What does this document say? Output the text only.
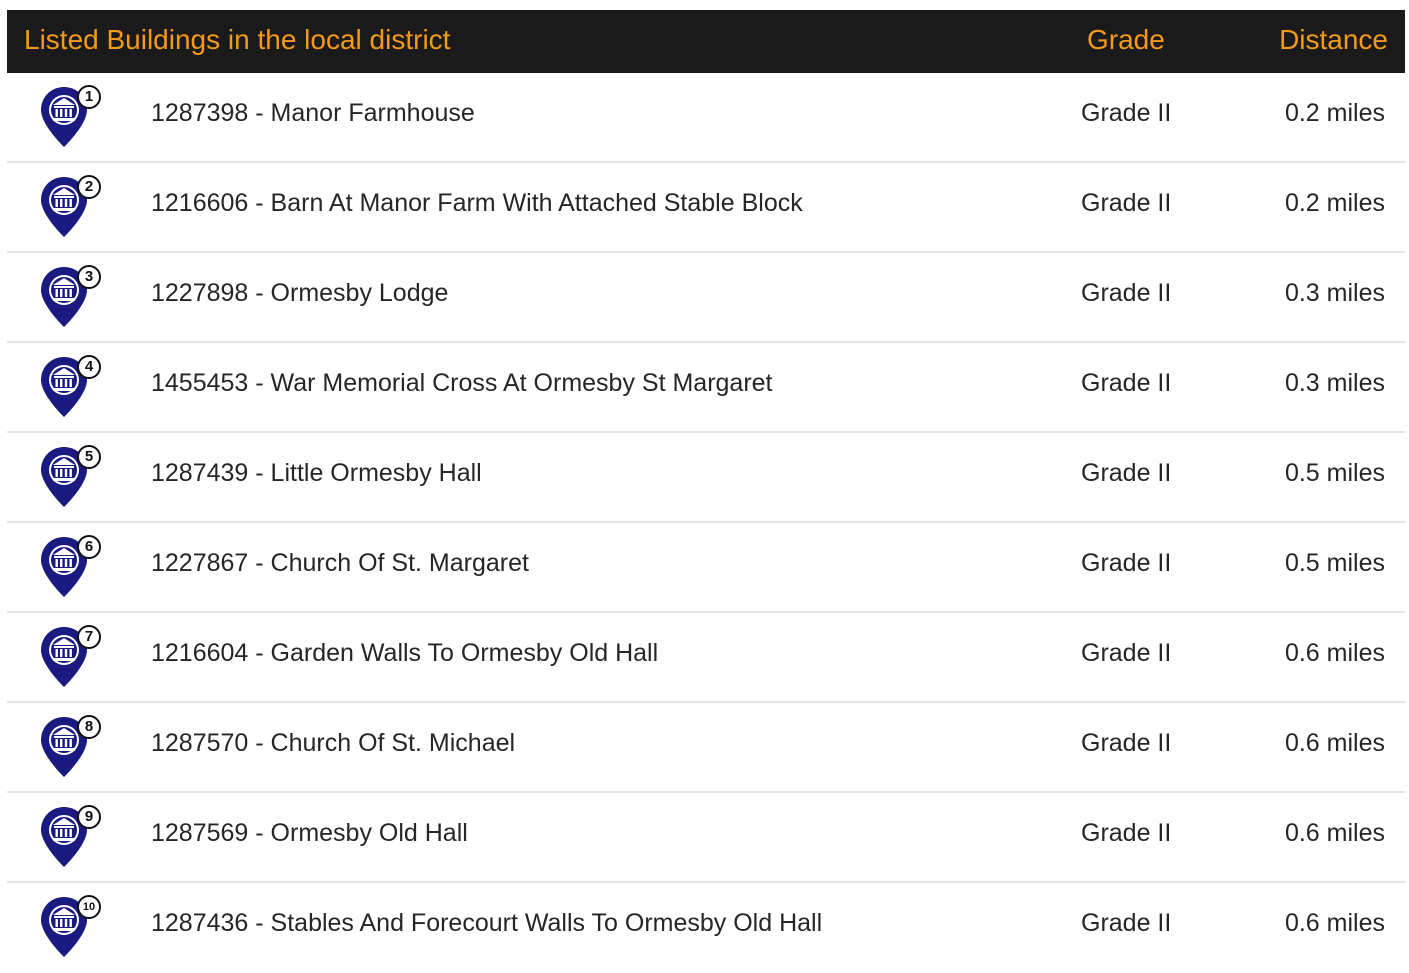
Listed Buildings in the local district	Grade	Distance
1
1287398 - Manor Farmhouse	Grade II	0.2 miles
2
1216606 - Barn At Manor Farm With Attached Stable Block	Grade II	0.2 miles
3
1227898 - Ormesby Lodge	Grade II	0.3 miles
4
1455453 - War Memorial Cross At Ormesby St Margaret	Grade II	0.3 miles
5
1287439 - Little Ormesby Hall	Grade II	0.5 miles
6
1227867 - Church Of St. Margaret	Grade II	0.5 miles
7
1216604 - Garden Walls To Ormesby Old Hall	Grade II	0.6 miles
8
1287570 - Church Of St. Michael	Grade II	0.6 miles
9
1287569 - Ormesby Old Hall	Grade II	0.6 miles
10
1287436 - Stables And Forecourt Walls To Ormesby Old Hall	Grade II	0.6 miles
